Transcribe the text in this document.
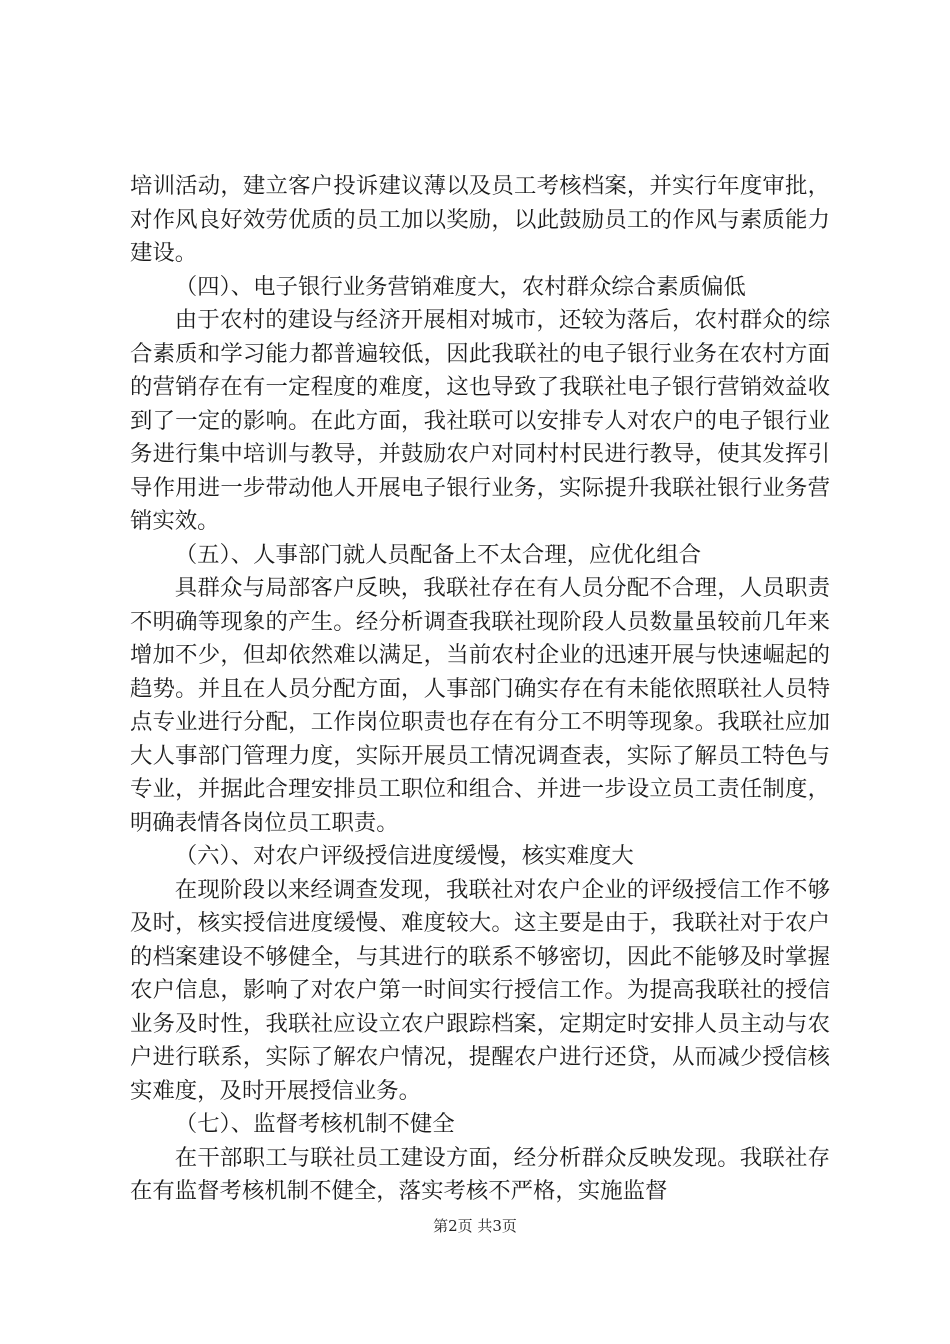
培训活动，建立客户投诉建议薄以及员工考核档案，并实行年度审批，对作风良好效劳优质的员工加以奖励，以此鼓励员工的作风与素质能力建设。

（四）、电子银行业务营销难度大，农村群众综合素质偏低

由于农村的建设与经济开展相对城市，还较为落后，农村群众的综合素质和学习能力都普遍较低，因此我联社的电子银行业务在农村方面的营销存在有一定程度的难度，这也导致了我联社电子银行营销效益收到了一定的影响。在此方面，我社联可以安排专人对农户的电子银行业务进行集中培训与教导，并鼓励农户对同村村民进行教导，使其发挥引导作用进一步带动他人开展电子银行业务，实际提升我联社银行业务营销实效。

（五）、人事部门就人员配备上不太合理，应优化组合

具群众与局部客户反映，我联社存在有人员分配不合理，人员职责不明确等现象的产生。经分析调查我联社现阶段人员数量虽较前几年来增加不少，但却依然难以满足，当前农村企业的迅速开展与快速崛起的趋势。并且在人员分配方面，人事部门确实存在有未能依照联社人员特点专业进行分配，工作岗位职责也存在有分工不明等现象。我联社应加大人事部门管理力度，实际开展员工情况调查表，实际了解员工特色与专业，并据此合理安排员工职位和组合、并进一步设立员工责任制度，明确表情各岗位员工职责。

（六）、对农户评级授信进度缓慢，核实难度大

在现阶段以来经调查发现，我联社对农户企业的评级授信工作不够及时，核实授信进度缓慢、难度较大。这主要是由于，我联社对于农户的档案建设不够健全，与其进行的联系不够密切，因此不能够及时掌握农户信息，影响了对农户第一时间实行授信工作。为提高我联社的授信业务及时性，我联社应设立农户跟踪档案，定期定时安排人员主动与农户进行联系，实际了解农户情况，提醒农户进行还贷，从而减少授信核实难度，及时开展授信业务。

（七）、监督考核机制不健全

在干部职工与联社员工建设方面，经分析群众反映发现。我联社存在有监督考核机制不健全，落实考核不严格，实施监督

第2页 共3页
